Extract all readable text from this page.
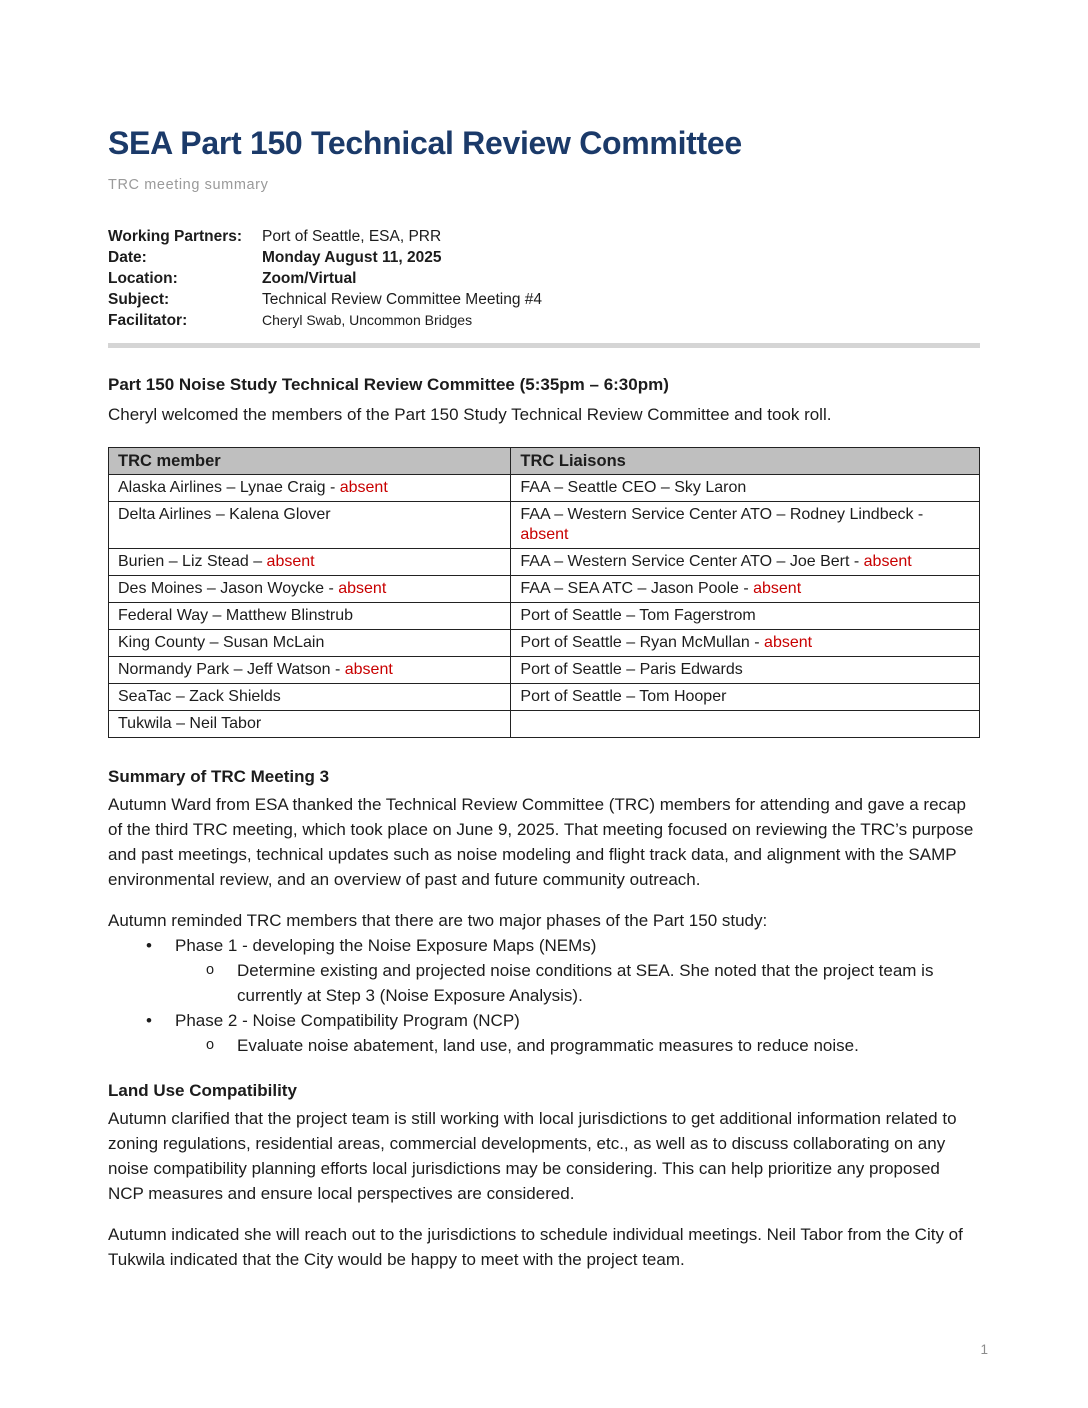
SEA Part 150 Technical Review Committee
TRC meeting summary
Working Partners:	Port of Seattle, ESA, PRR
Date:	Monday August 11, 2025
Location:	Zoom/Virtual
Subject:	Technical Review Committee Meeting #4
Facilitator:	Cheryl Swab, Uncommon Bridges
Part 150 Noise Study Technical Review Committee (5:35pm – 6:30pm)

Cheryl welcomed the members of the Part 150 Study Technical Review Committee and took roll.

TRC member	TRC Liaisons
Alaska Airlines – Lynae Craig - absent	FAA – Seattle CEO – Sky Laron
Delta Airlines – Kalena Glover	FAA – Western Service Center ATO – Rodney Lindbeck - absent
Burien – Liz Stead – absent	FAA – Western Service Center ATO – Joe Bert - absent
Des Moines – Jason Woycke - absent	FAA – SEA ATC – Jason Poole - absent
Federal Way – Matthew Blinstrub	Port of Seattle – Tom Fagerstrom
King County – Susan McLain	Port of Seattle – Ryan McMullan - absent
Normandy Park – Jeff Watson - absent	Port of Seattle – Paris Edwards
SeaTac – Zack Shields	Port of Seattle – Tom Hooper
Tukwila – Neil Tabor	
Summary of TRC Meeting 3

Autumn Ward from ESA thanked the Technical Review Committee (TRC) members for attending and gave a recap of the third TRC meeting, which took place on June 9, 2025. That meeting focused on reviewing the TRC’s purpose and past meetings, technical updates such as noise modeling and flight track data, and alignment with the SAMP environmental review, and an overview of past and future community outreach.

Autumn reminded TRC members that there are two major phases of the Part 150 study:

• Phase 1 - developing the Noise Exposure Maps (NEMs)
o Determine existing and projected noise conditions at SEA. She noted that the project team is currently at Step 3 (Noise Exposure Analysis).
• Phase 2 - Noise Compatibility Program (NCP)
o Evaluate noise abatement, land use, and programmatic measures to reduce noise.
Land Use Compatibility

Autumn clarified that the project team is still working with local jurisdictions to get additional information related to zoning regulations, residential areas, commercial developments, etc., as well as to discuss collaborating on any noise compatibility planning efforts local jurisdictions may be considering. This can help prioritize any proposed NCP measures and ensure local perspectives are considered.

Autumn indicated she will reach out to the jurisdictions to schedule individual meetings. Neil Tabor from the City of Tukwila indicated that the City would be happy to meet with the project team.

1
